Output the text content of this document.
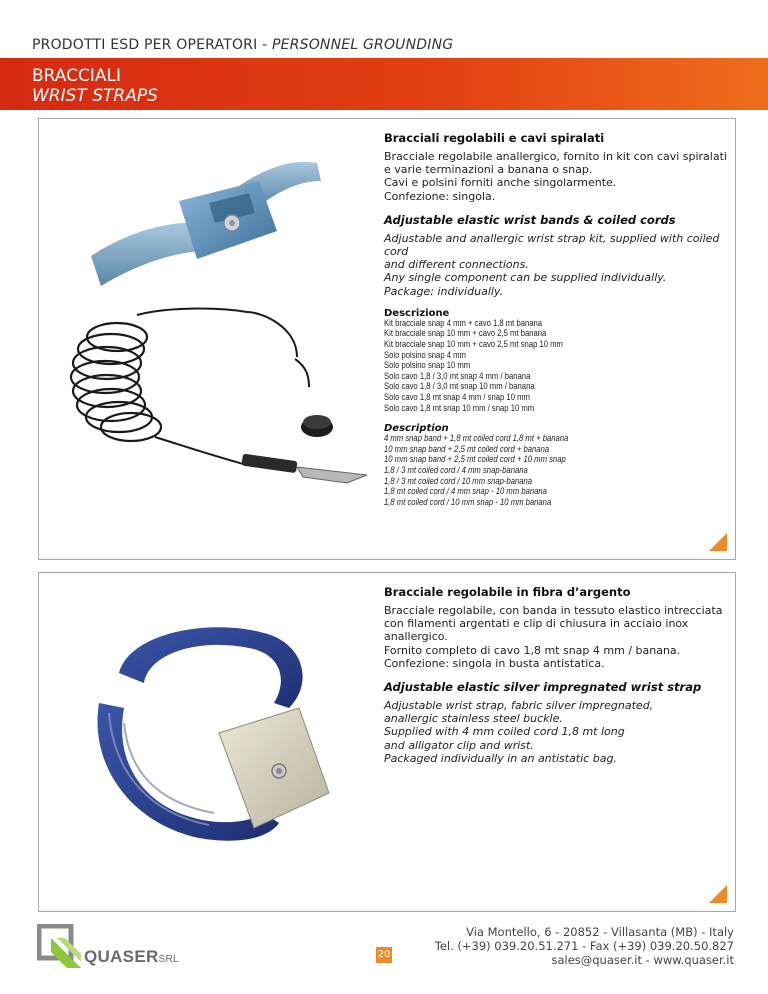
PRODOTTI ESD PER OPERATORI - PERSONNEL GROUNDING
BRACCIALI
WRIST STRAPS
Bracciali regolabili e cavi spiralati
Bracciale regolabile anallergico, fornito in kit con cavi spiralati
e varie terminazioni a banana o snap.
Cavi e polsini forniti anche singolarmente.
Confezione: singola.
Adjustable elastic wrist bands & coiled cords
Adjustable and anallergic wrist strap kit, supplied with coiled cord
and different connections.
Any single component can be supplied individually.
Package: individually.
Descrizione
Kit bracciale snap 4 mm + cavo 1,8 mt banana
Kit bracciale snap 10 mm + cavo 2,5 mt banana
Kit bracciale snap 10 mm + cavo 2,5 mt snap 10 mm
Solo polsino snap 4 mm
Solo polsino snap 10 mm
Solo cavo 1,8 / 3,0 mt snap 4 mm / banana
Solo cavo 1,8 / 3,0 mt snap 10 mm / banana
Solo cavo 1,8 mt snap 4 mm / snap 10 mm
Solo cavo 1,8 mt snap 10 mm / snap 10 mm
Description
4 mm snap band + 1,8 mt coiled cord 1,8 mt + banana
10 mm snap band + 2,5 mt coiled cord + banana
10 mm snap band + 2,5 mt coiled cord + 10 mm snap
1,8 / 3 mt coiled cord / 4 mm snap-banana
1,8 / 3 mt coiled cord / 10 mm snap-banana
1,8 mt coiled cord / 4 mm snap - 10 mm banana
1,8 mt coiled cord / 10 mm snap - 10 mm banana
Bracciale regolabile in fibra d’argento
Bracciale regolabile, con banda in tessuto elastico intrecciata
con filamenti argentati e clip di chiusura in acciaio inox anallergico.
Fornito completo di cavo 1,8 mt snap 4 mm / banana.
Confezione: singola in busta antistatica.
Adjustable elastic silver impregnated wrist strap
Adjustable wrist strap, fabric silver impregnated,
anallergic stainless steel buckle.
Supplied with 4 mm coiled cord 1,8 mt long
and alligator clip and wrist.
Packaged individually in an antistatic bag.
QUASERSRL	20
Via Montello, 6 - 20852 - Villasanta (MB) - Italy
Tel. (+39) 039.20.51.271 - Fax (+39) 039.20.50.827
sales@quaser.it - www.quaser.it
